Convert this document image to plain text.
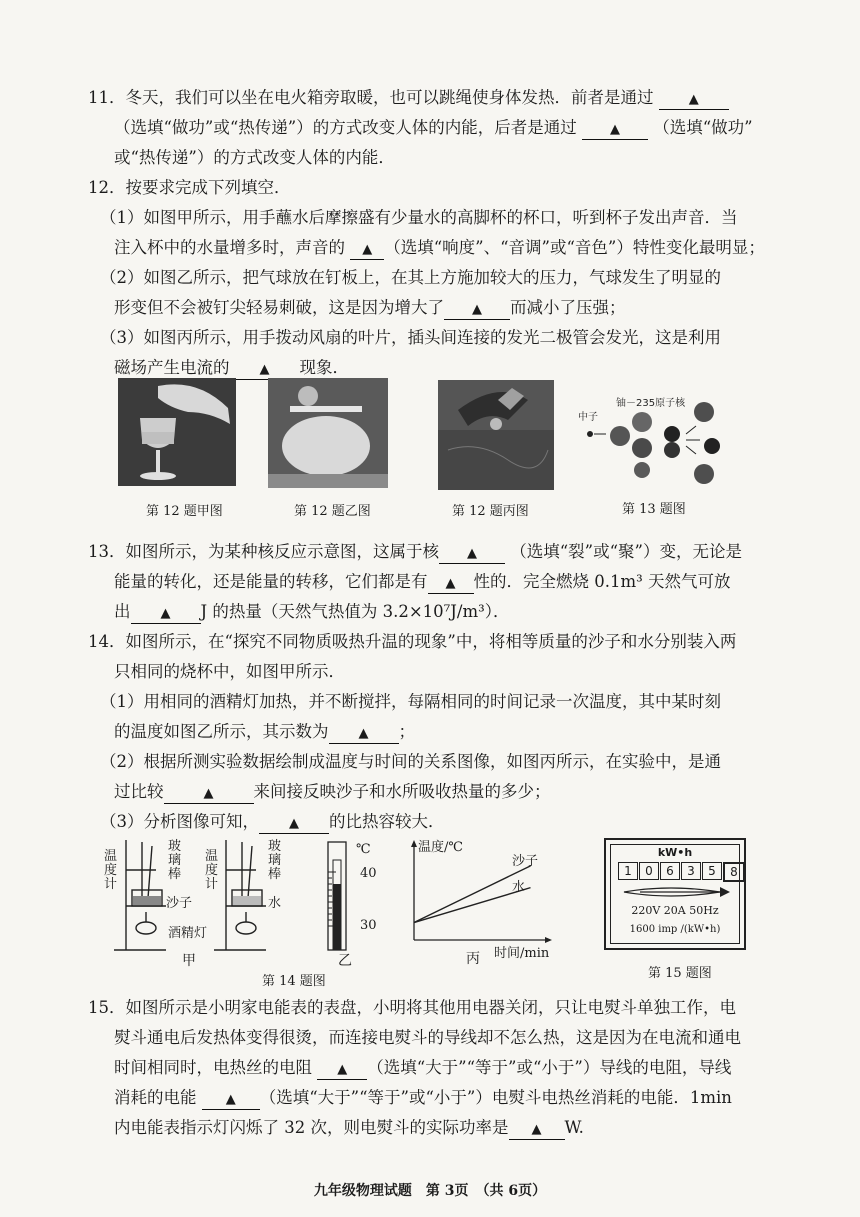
11．冬天，我们可以坐在电火箱旁取暖，也可以跳绳使身体发热．前者是通过	▲
（选填“做功”或“热传递”）的方式改变人体的内能，后者是通过	▲ （选填“做功”
或“热传递”）的方式改变人体的内能．
12．按要求完成下列填空．
（1）如图甲所示，用手蘸水后摩擦盛有少量水的高脚杯的杯口，听到杯子发出声音．当
注入杯中的水量增多时，声音的 ▲ （选填“响度”、“音调”或“音色”）特性变化最明显；
（2）如图乙所示，把气球放在钉板上，在其上方施加较大的压力，气球发生了明显的
形变但不会被钉尖轻易刺破，这是因为增大了 ▲ 而减小了压强；
（3）如图丙所示，用手拨动风扇的叶片，插头间连接的发光二极管会发光，这是利用
磁场产生电流的 ▲ 现象．
中子
铀－235原子核
第 12 题甲图	第 12 题乙图	第 12 题丙图	第 13 题图
13．如图所示，为某种核反应示意图，这属于核 ▲ （选填“裂”或“聚”）变，无论是
能量的转化，还是能量的转移，它们都是有 ▲ 性的．完全燃烧 0.1m³ 天然气可放
出 ▲ J 的热量（天然气热值为 3.2×10⁷J/m³）．
14．如图所示，在“探究不同物质吸热升温的现象”中，将相等质量的沙子和水分别装入两
只相同的烧杯中，如图甲所示．
（1）用相同的酒精灯加热，并不断搅拌，每隔相同的时间记录一次温度，其中某时刻
的温度如图乙所示，其示数为 ▲ ；
（2）根据所测实验数据绘制成温度与时间的关系图像，如图丙所示，在实验中，是通
过比较	▲ 来间接反映沙子和水所吸收热量的多少；
（3）分析图像可知， ▲ 的比热容较大．
温度计
玻璃棒
温度计
玻璃棒
沙子	水
酒精灯
甲
℃
40
30
乙
温度/℃
时间/min
沙子
水
丙
第 14 题图
kW•h
1	0	6	3	5	8
220V 20A 50Hz
1600 imp /(kW•h)
第 15 题图
15．如图所示是小明家电能表的表盘，小明将其他用电器关闭，只让电熨斗单独工作，电
熨斗通电后发热体变得很烫，而连接电熨斗的导线却不怎么热，这是因为在电流和通电
时间相同时，电热丝的电阻 ▲ （选填“大于”“等于”或“小于”）导线的电阻，导线
消耗的电能 ▲ （选填“大于”“等于”或“小于”）电熨斗电热丝消耗的电能．1min
内电能表指示灯闪烁了 32 次，则电熨斗的实际功率是 ▲ W.
九年级物理试题　第 3页　（共 6页）
